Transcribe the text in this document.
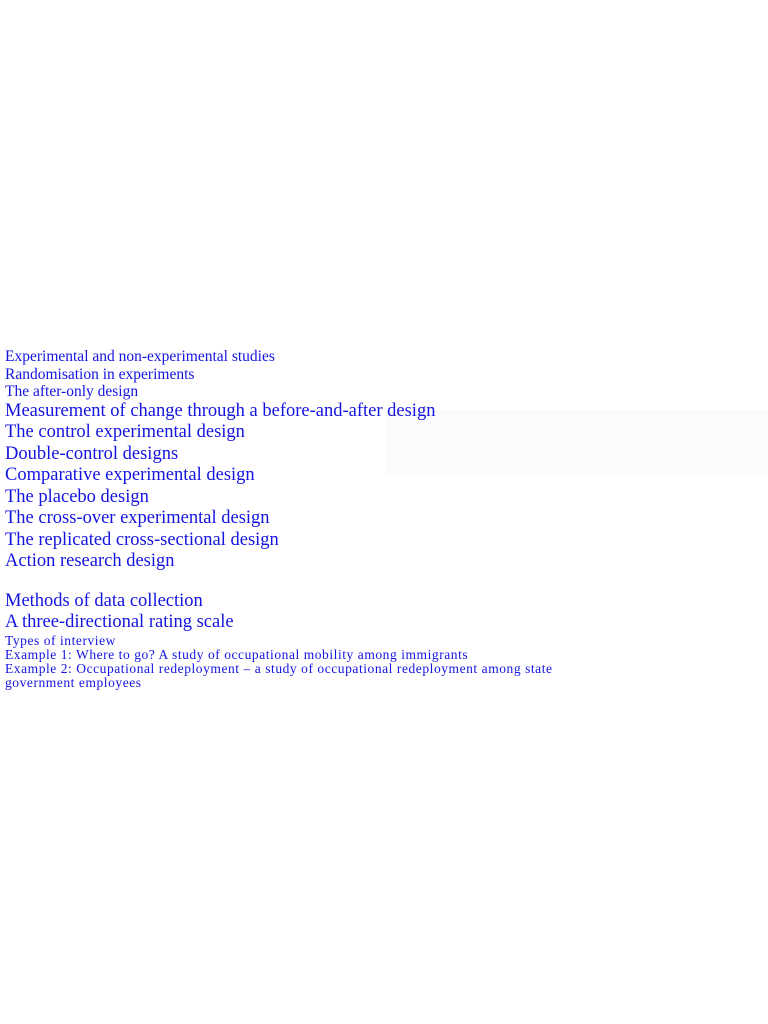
Experimental and non-experimental studies
Randomisation in experiments
The after-only design
Measurement of change through a before-and-after design
The control experimental design
Double-control designs
Comparative experimental design
The placebo design
The cross-over experimental design
The replicated cross-sectional design
Action research design
Methods of data collection
A three-directional rating scale
Types of interview
Example 1: Where to go? A study of occupational mobility among immigrants
Example 2: Occupational redeployment – a study of occupational redeployment among state
government employees
